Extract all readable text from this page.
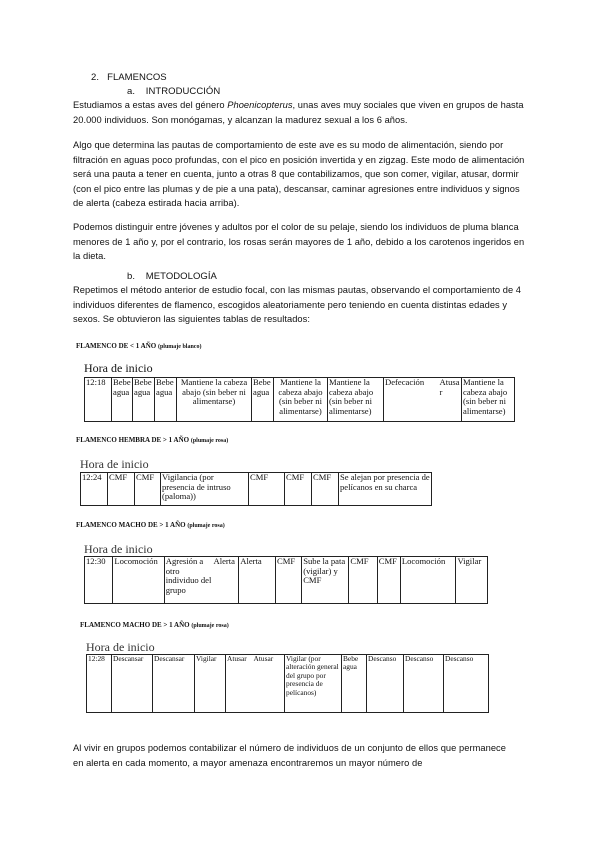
2. FLAMENCOS
a. INTRODUCCIÓN
Estudiamos a estas aves del género Phoenicopterus, unas aves muy sociales que viven en grupos de hasta 20.000 individuos. Son monógamas, y alcanzan la madurez sexual a los 6 años.
Algo que determina las pautas de comportamiento de este ave es su modo de alimentación, siendo por filtración en aguas poco profundas, con el pico en posición invertida y en zigzag. Este modo de alimentación será una pauta a tener en cuenta, junto a otras 8 que contabilizamos, que son comer, vigilar, atusar, dormir (con el pico entre las plumas y de pie a una pata), descansar, caminar agresiones entre individuos y signos de alerta (cabeza estirada hacia arriba).
Podemos distinguir entre jóvenes y adultos por el color de su pelaje, siendo los individuos de pluma blanca menores de 1 año y, por el contrario, los rosas serán mayores de 1 año, debido a los carotenos ingeridos en la dieta.
b. METODOLOGÍA
Repetimos el método anterior de estudio focal, con las mismas pautas, observando el comportamiento de 4 individuos diferentes de flamenco, escogidos aleatoriamente pero teniendo en cuenta distintas edades y sexos. Se obtuvieron las siguientes tablas de resultados:
FLAMENCO DE < 1 AÑO (plumaje blanco)
Hora de inicio
12:18	Bebe agua	Bebe agua	Bebe agua	Mantiene la cabeza abajo (sin beber ni alimentarse)	Bebe agua	Mantiene la cabeza abajo (sin beber ni alimentarse)	Mantiene la cabeza abajo (sin beber ni alimentarse)	Defecación	Atusar	Mantiene la cabeza abajo (sin beber ni alimentarse)
FLAMENCO HEMBRA DE > 1 AÑO (plumaje rosa)
Hora de inicio
12:24	CMF	CMF	Vigilancia (por presencia de intruso (paloma))	CMF	CMF	CMF	Se alejan por presencia de pelícanos en su charca
FLAMENCO MACHO DE > 1 AÑO (plumaje rosa)
Hora de inicio
12:30	Locomoción	Agresión a otro individuo del grupo	Alerta	Alerta	CMF	Sube la pata (vigilar) y CMF	CMF	CMF	Locomoción	Vigilar
FLAMENCO MACHO DE > 1 AÑO (plumaje rosa)
Hora de inicio
12:28	Descansar	Descansar	Vigilar	Atusar	Atusar	Vigilar (por alteración general del grupo por presencia de pelícanos)	Bebe agua	Descanso	Descanso	Descanso
Al vivir en grupos podemos contabilizar el número de individuos de un conjunto de ellos que permanece en alerta en cada momento, a mayor amenaza encontraremos un mayor número de
